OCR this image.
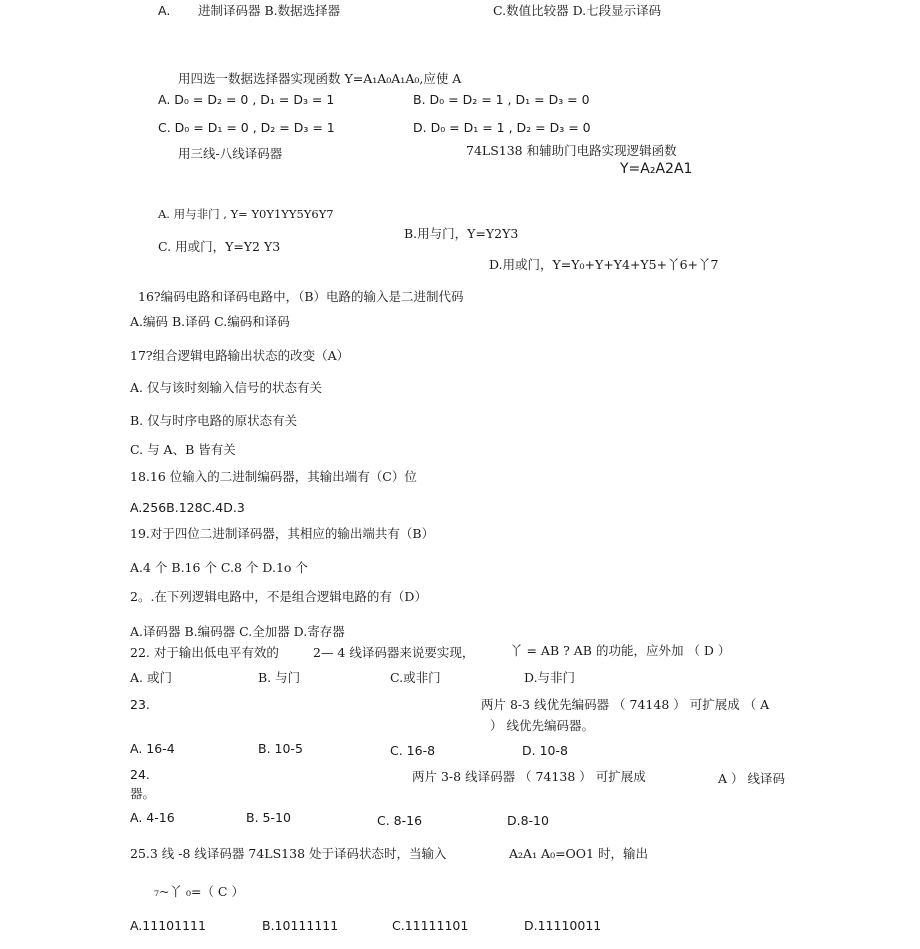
A. 进制译码器 B.数据选择器	C.数值比较器 D.七段显示译码
用四选一数据选择器实现函数 Y=A₁A₀A₁A₀,应使 A
A. D₀ = D₂ = 0 , D₁ = D₃ = 1	B. D₀ = D₂ = 1 , D₁ = D₃ = 0
C. D₀ = D₁ = 0 , D₂ = D₃ = 1	D. D₀ = D₁ = 1 , D₂ = D₃ = 0
用三线-八线译码器	74LS138 和辅助门电路实现逻辑函数
Y=A₂A2A1
A. 用与非门 , Y= Y0Y1YY5Y6Y7
B.用与门，Y=Y2Y3
C. 用或门，Y=Y2 Y3
D.用或门，Y=Y₀+Y+Y4+Y5+丫6+丫7
16?编码电路和译码电路中，（B）电路的输入是二进制代码
A.编码 B.译码 C.编码和译码
17?组合逻辑电路输出状态的改变（A）
A. 仅与该时刻输入信号的状态有关
B. 仅与时序电路的原状态有关
C. 与 A、B 皆有关
18.16 位输入的二进制编码器，其输出端有（C）位
A.256B.128C.4D.3
19.对于四位二进制译码器，其相应的输出端共有（B）
A.4 个 B.16 个 C.8 个 D.1o 个
2。.在下列逻辑电路中，不是组合逻辑电路的有（D）
A.译码器 B.编码器 C.全加器 D.寄存器
22. 对于输出低电平有效的	2— 4 线译码器来说要实现，	丫 = AB ? AB 的功能，应外加 （ D ）
A. 或门	B. 与门	C.或非门	D.与非门
23.	两片 8-3 线优先编码器 （ 74148 ） 可扩展成 （ A
） 线优先编码器。
A. 16-4	B. 10-5	C. 16-8	D. 10-8
24.	两片 3-8 线译码器 （ 74138 ） 可扩展成	A ） 线译码
器。
A. 4-16	B. 5-10	C. 8-16	D.8-10
25.3 线 -8 线译码器 74LS138 处于译码状态时，当输入	A₂A₁ A₀=OO1 时，输出
₇~丫 ₀=（ C ）
A.11101111	B.10111111	C.11111101	D.11110011
